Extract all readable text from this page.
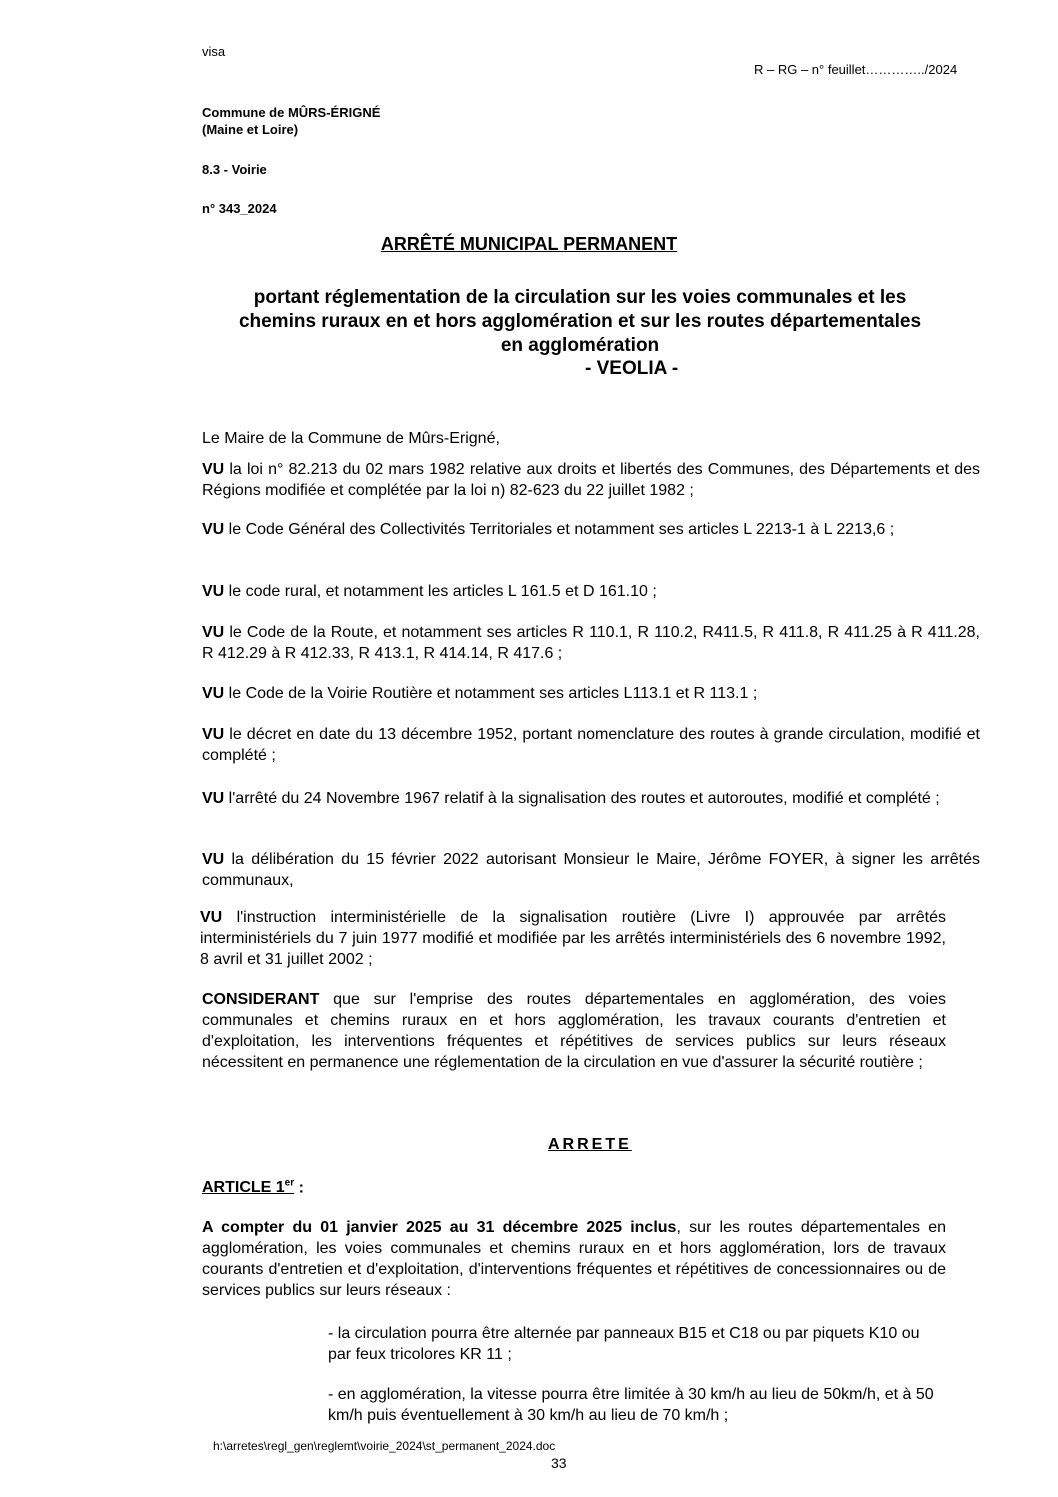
visa
R – RG – n° feuillet…………../2024
Commune de MÛRS-ÉRIGNÉ
(Maine et Loire)
8.3 - Voirie
n° 343_2024
ARRÊTÉ MUNICIPAL PERMANENT
portant réglementation de la circulation sur les voies communales et les
chemins ruraux en et hors agglomération et sur les routes départementales
en agglomération
- VEOLIA -
Le Maire de la Commune de Mûrs-Erigné,
VU la loi n° 82.213 du 02 mars 1982 relative aux droits et libertés des Communes, des Départements et des Régions modifiée et complétée par la loi n) 82-623 du 22 juillet 1982 ;
VU le Code Général des Collectivités Territoriales et notamment ses articles L 2213-1 à L 2213,6 ;
VU le code rural, et notamment les articles L 161.5 et D 161.10 ;
VU le Code de la Route, et notamment ses articles R 110.1, R 110.2, R411.5, R 411.8, R 411.25 à R 411.28, R 412.29 à R 412.33, R 413.1, R 414.14, R 417.6 ;
VU le Code de la Voirie Routière et notamment ses articles L113.1 et R 113.1 ;
VU le décret en date du 13 décembre 1952, portant nomenclature des routes à grande circulation, modifié et complété ;
VU l'arrêté du 24 Novembre 1967 relatif à la signalisation des routes et autoroutes, modifié et complété ;
VU la délibération du 15 février 2022 autorisant Monsieur le Maire, Jérôme FOYER, à signer les arrêtés communaux,
VU l'instruction interministérielle de la signalisation routière (Livre I) approuvée par arrêtés interministériels du 7 juin 1977 modifié et modifiée par les arrêtés interministériels des 6 novembre 1992, 8 avril et 31 juillet 2002 ;
CONSIDERANT que sur l'emprise des routes départementales en agglomération, des voies communales et chemins ruraux en et hors agglomération, les travaux courants d'entretien et d'exploitation, les interventions fréquentes et répétitives de services publics sur leurs réseaux nécessitent en permanence une réglementation de la circulation en vue d'assurer la sécurité routière ;
ARRETE
ARTICLE 1er :
A compter du 01 janvier 2025 au 31 décembre 2025 inclus, sur les routes départementales en agglomération, les voies communales et chemins ruraux en et hors agglomération, lors de travaux courants d'entretien et d'exploitation, d'interventions fréquentes et répétitives de concessionnaires ou de services publics sur leurs réseaux :
- la circulation pourra être alternée par panneaux B15 et C18 ou par piquets K10 ou par feux tricolores KR 11 ;
- en agglomération, la vitesse pourra être limitée à 30 km/h au lieu de 50km/h, et à 50 km/h puis éventuellement à 30 km/h au lieu de 70 km/h ;
h:\arretes\regl_gen\reglemt\voirie_2024\st_permanent_2024.doc
33
